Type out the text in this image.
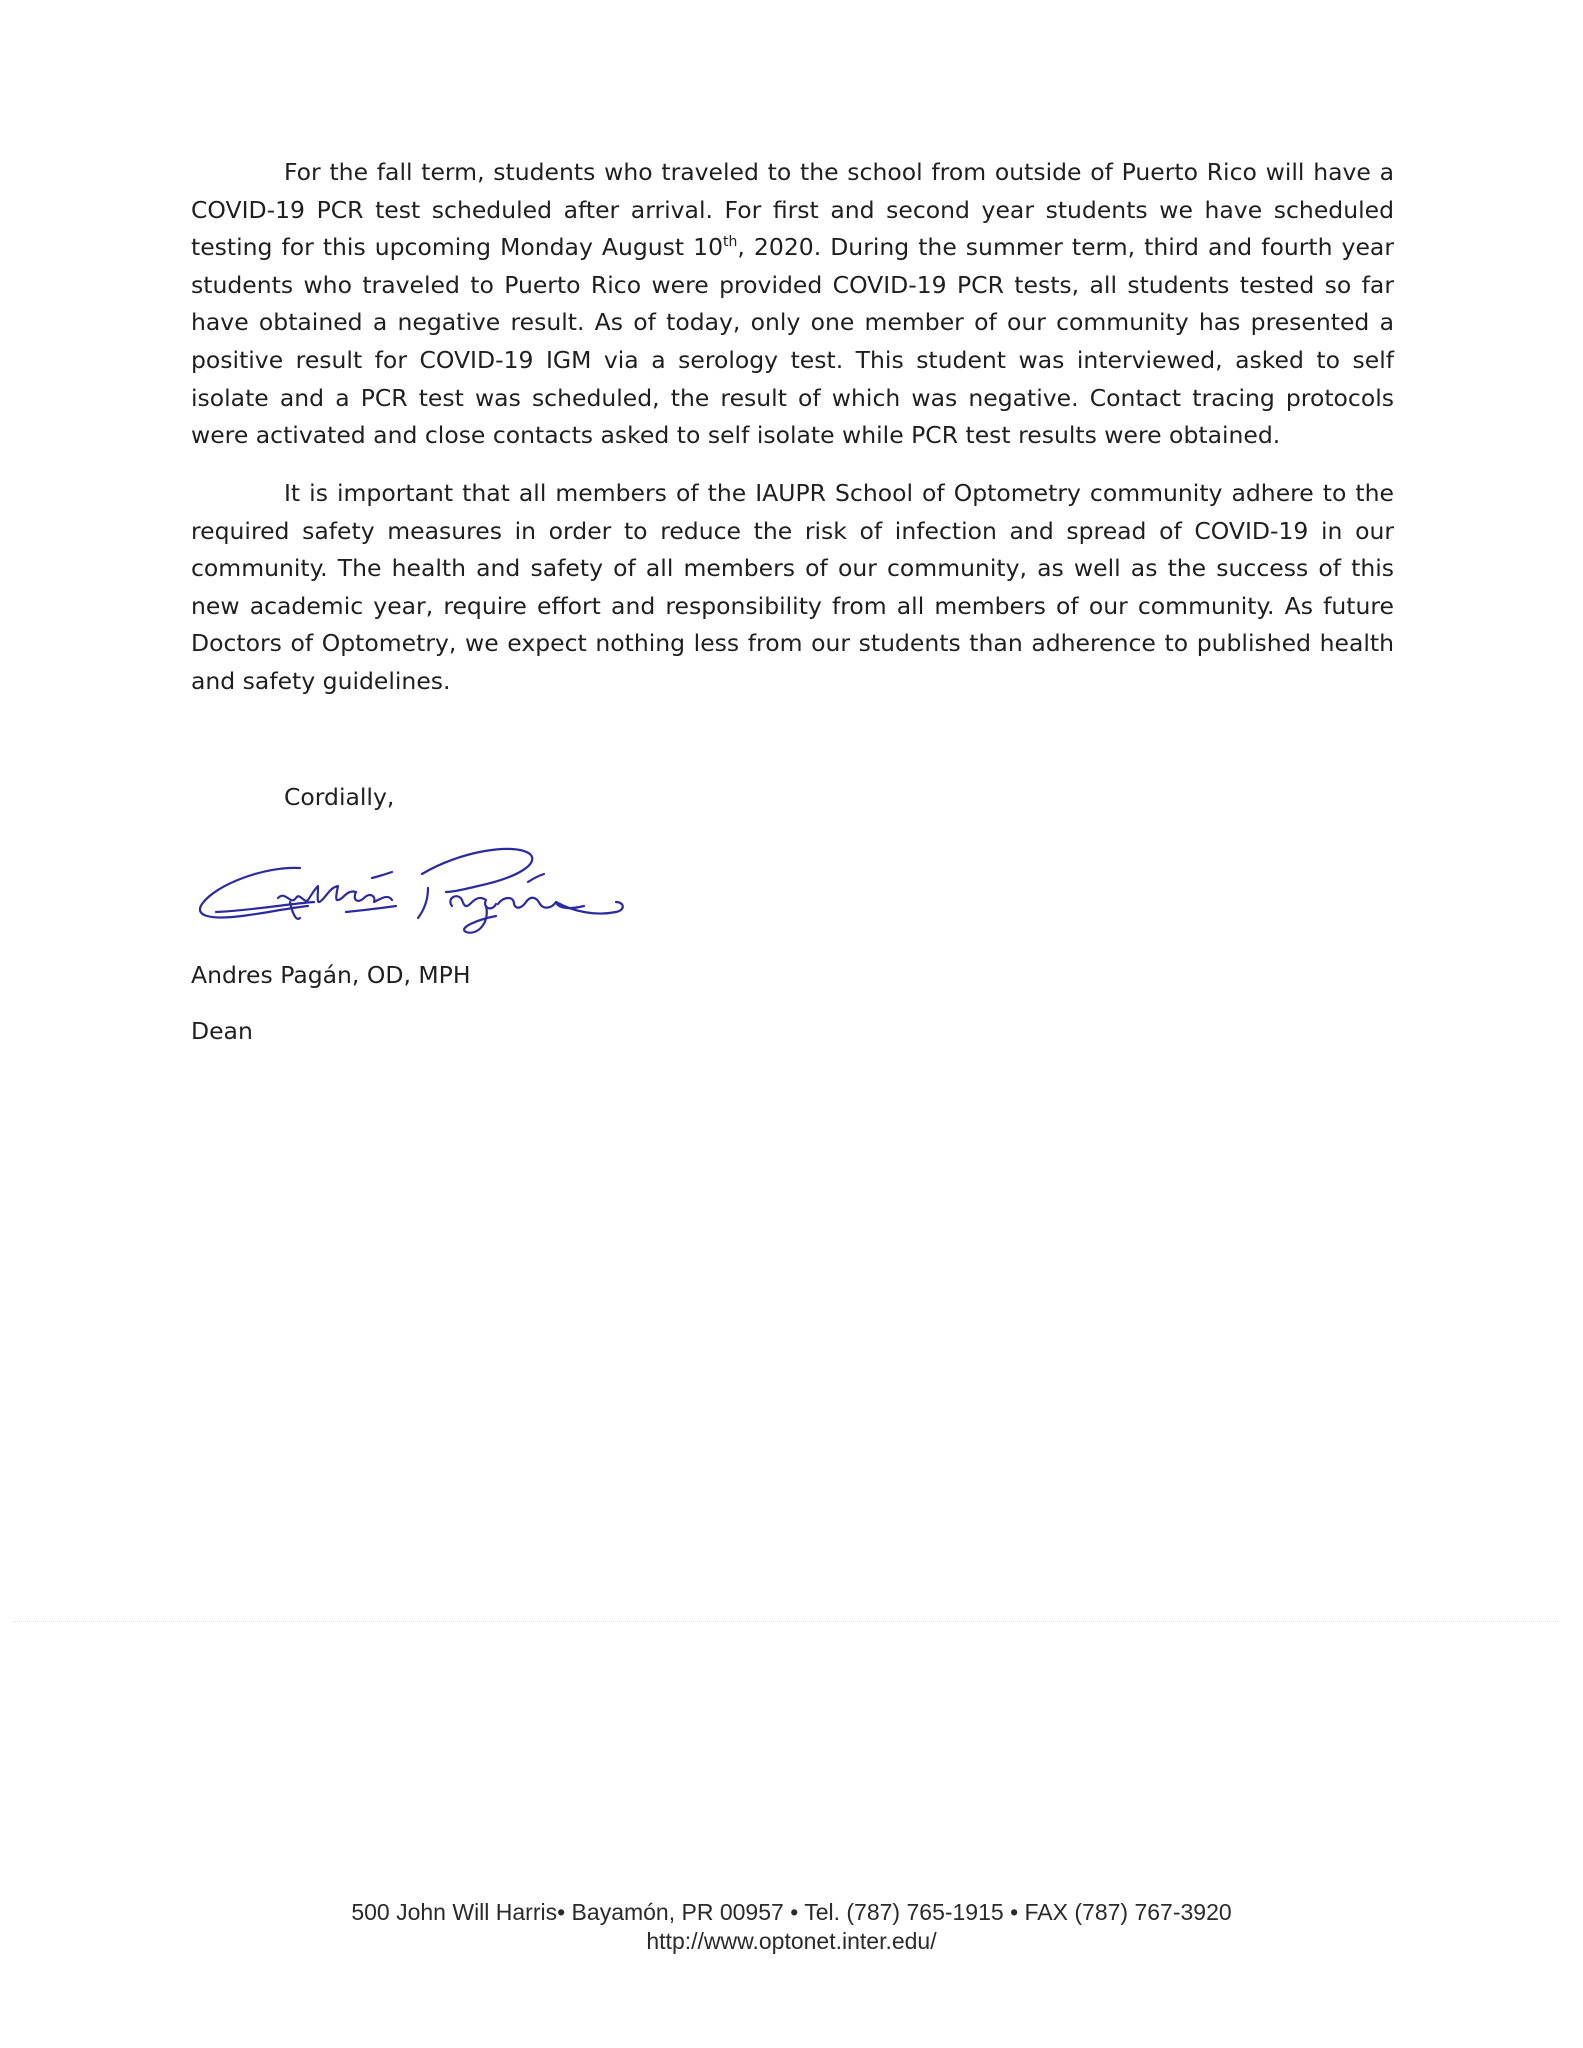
For the fall term, students who traveled to the school from outside of Puerto Rico will have a COVID-19 PCR test scheduled after arrival. For first and second year students we have scheduled testing for this upcoming Monday August 10th, 2020. During the summer term, third and fourth year students who traveled to Puerto Rico were provided COVID-19 PCR tests, all students tested so far have obtained a negative result. As of today, only one member of our community has presented a positive result for COVID-19 IGM via a serology test. This student was interviewed, asked to self isolate and a PCR test was scheduled, the result of which was negative. Contact tracing protocols were activated and close contacts asked to self isolate while PCR test results were obtained.

It is important that all members of the IAUPR School of Optometry community adhere to the required safety measures in order to reduce the risk of infection and spread of COVID-19 in our community. The health and safety of all members of our community, as well as the success of this new academic year, require effort and responsibility from all members of our community. As future Doctors of Optometry, we expect nothing less from our students than adherence to published health and safety guidelines.

Cordially,

Andres Pagán, OD, MPH

Dean

500 John Will Harris• Bayamón, PR 00957 • Tel. (787) 765-1915 • FAX (787) 767-3920

http://www.optonet.inter.edu/
